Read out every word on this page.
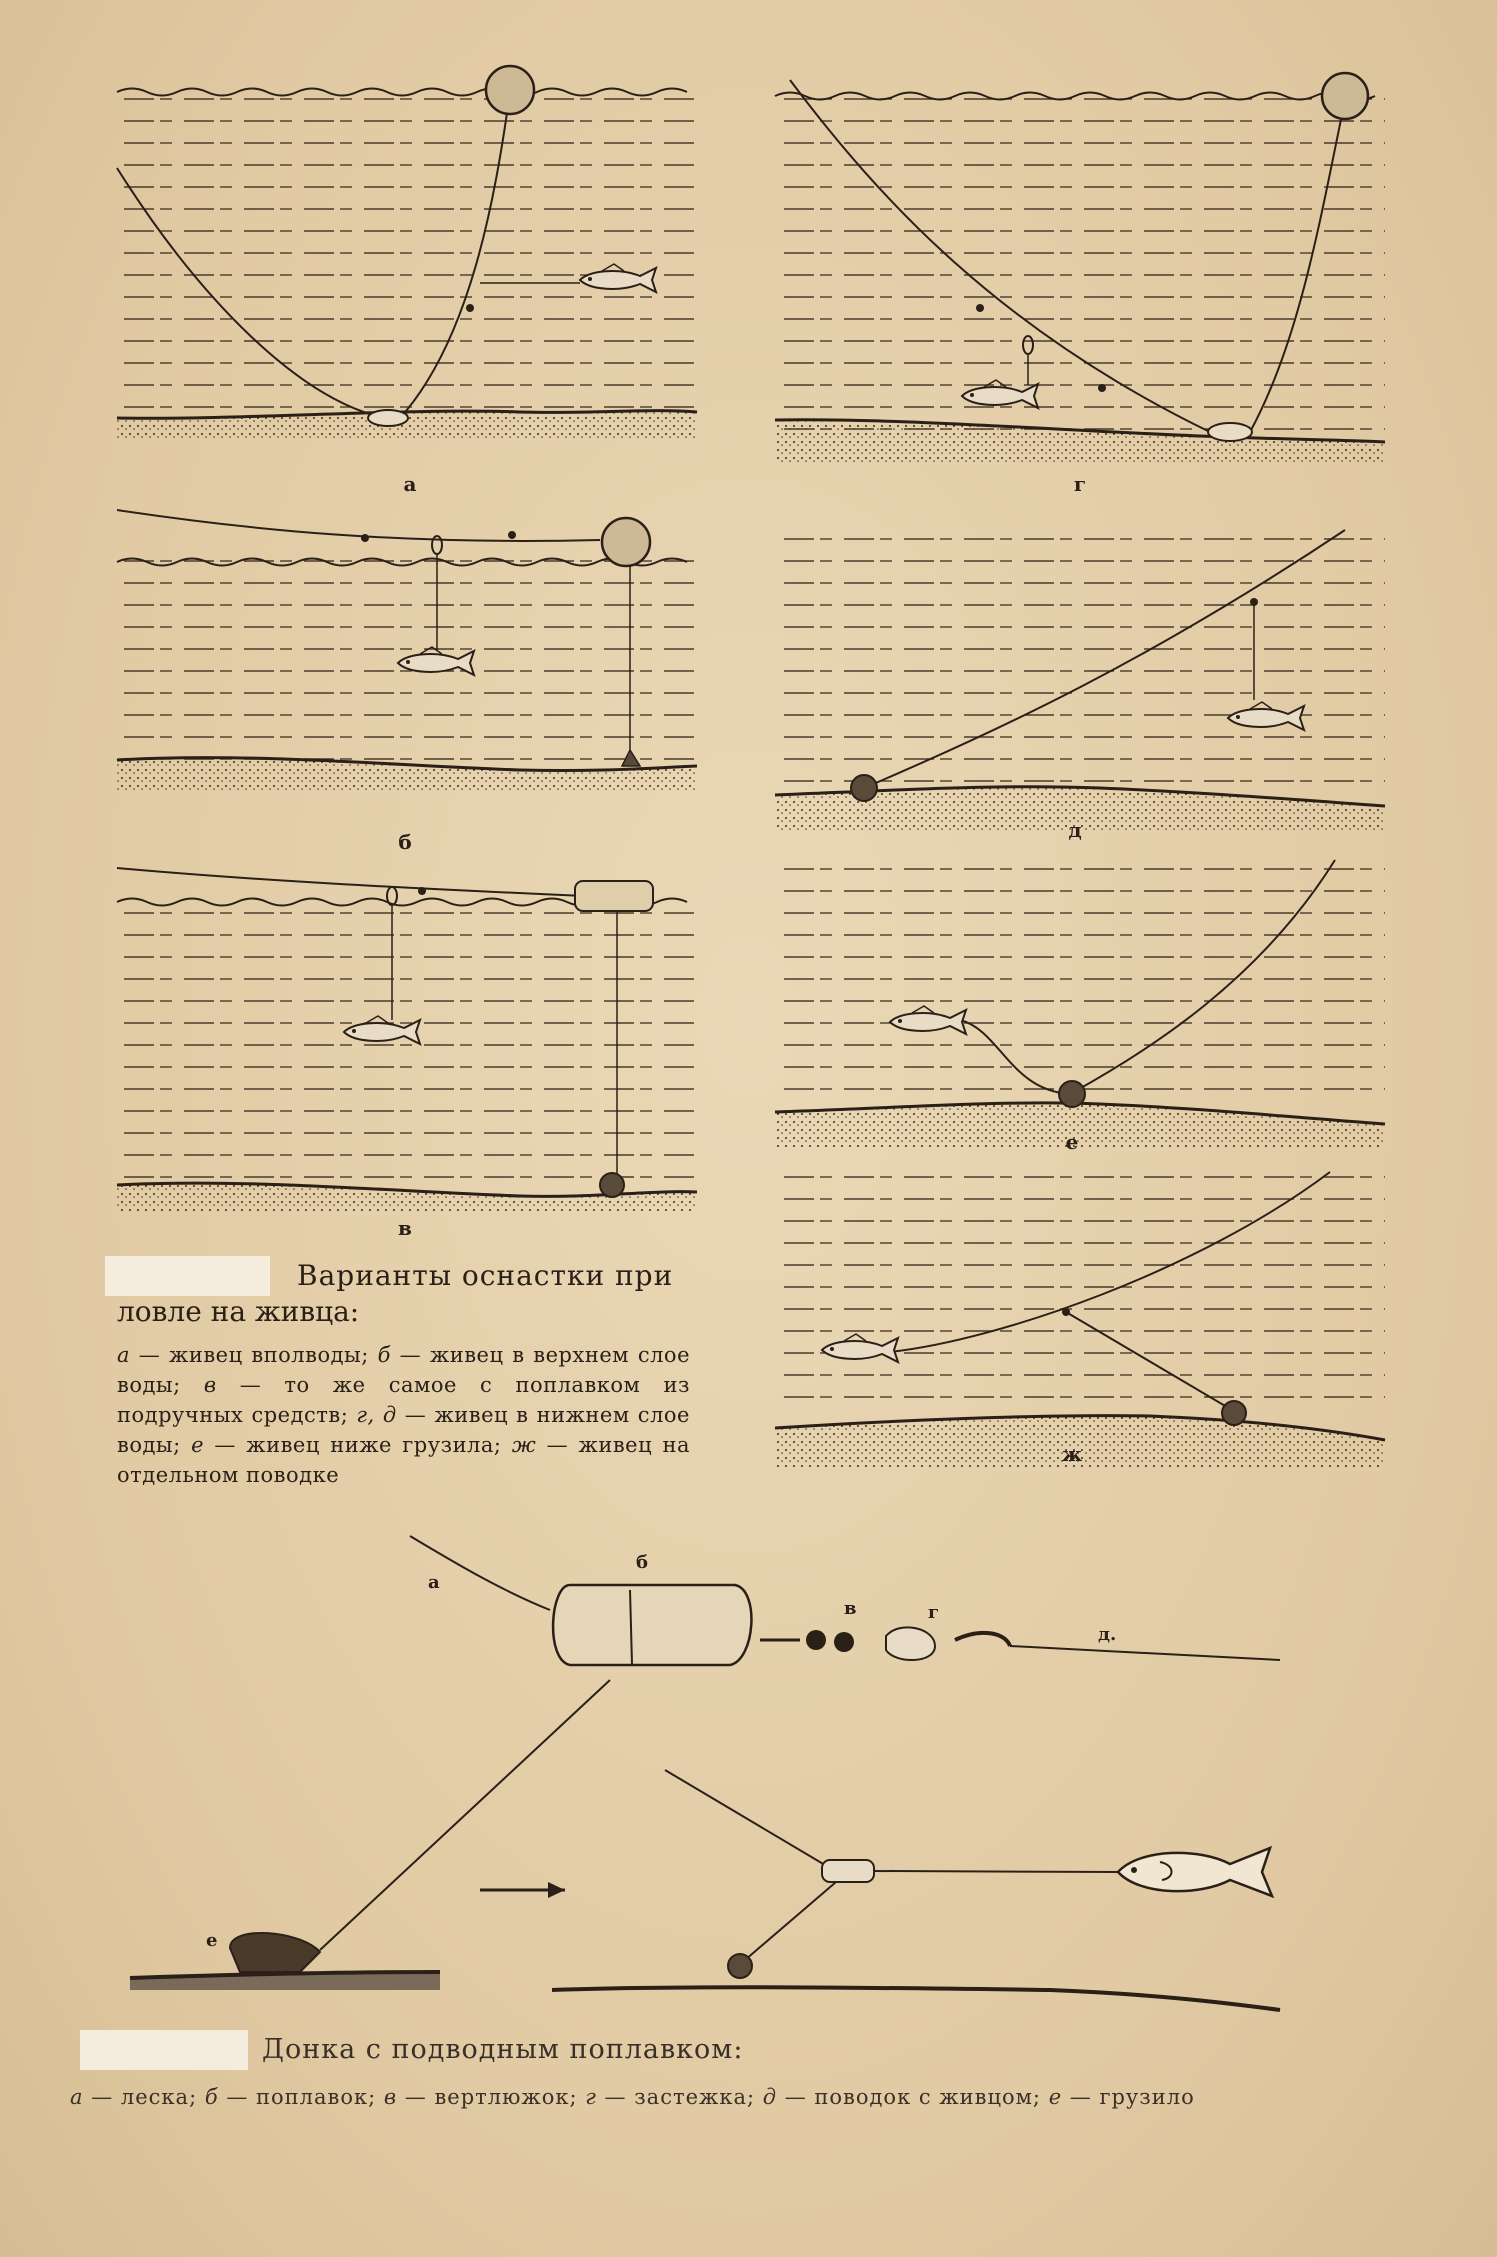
а	г
б	д
в
е
ж
Варианты оснастки при
ловле на живца:
а — живец вполводы; б — живец в верхнем слое воды; в — то же самое с поплавком из подручных средств; г, д — живец в нижнем слое воды; е — живец ниже грузила; ж — живец на отдельном поводке
а
б
в	г
д.
е
Донка с подводным поплавком:
а — леска; б — поплавок; в — вертлюжок; г — застежка; д — поводок с живцом; е — грузило
